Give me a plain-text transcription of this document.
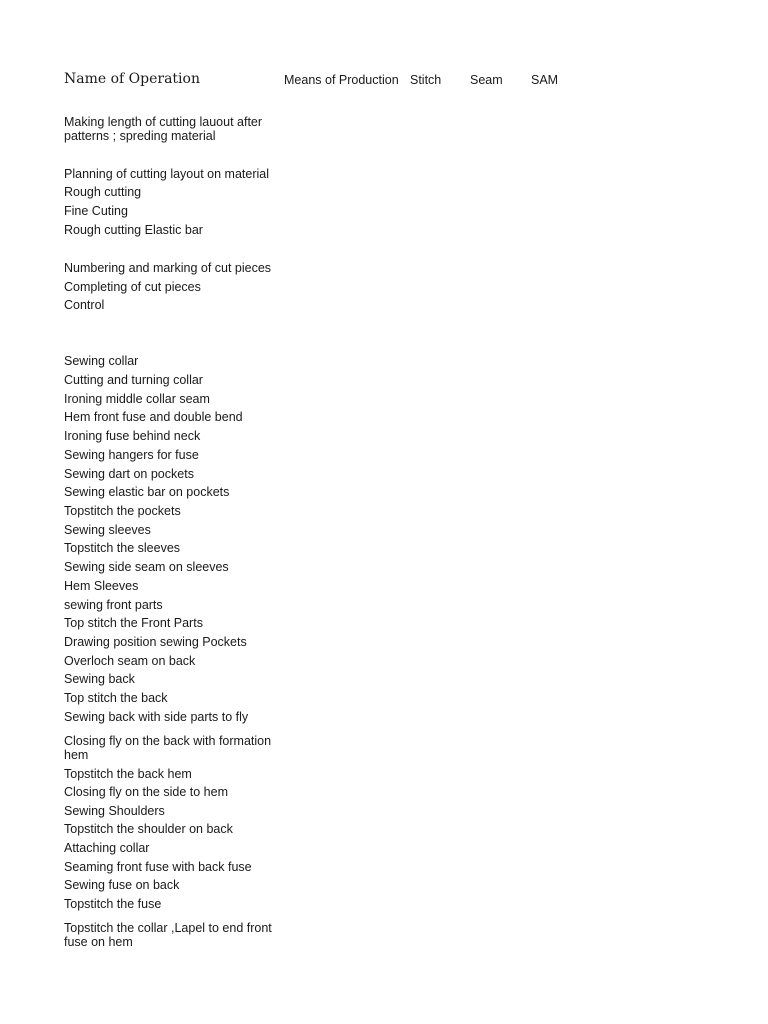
Name of Operation	Means of Production Stitch Seam SAM
Making length of cutting lauout after patterns ; spreding material
Planning of cutting layout on material
Rough cutting
Fine Cuting
Rough cutting Elastic bar
Numbering and marking of cut pieces
Completing of cut pieces
Control
Sewing collar
Cutting and turning collar
Ironing middle collar seam
Hem front fuse and double bend
Ironing fuse behind neck
Sewing hangers for fuse
Sewing dart on pockets
Sewing elastic bar on pockets
Topstitch the pockets
Sewing sleeves
Topstitch the sleeves
Sewing side seam on sleeves
Hem Sleeves
sewing front parts
Top stitch the Front Parts
Drawing position sewing Pockets
Overloch seam on back
Sewing back
Top stitch the back
Sewing back with side parts to fly
Closing fly on the back with formation hem
Topstitch the back hem
Closing fly on the side to hem
Sewing Shoulders
Topstitch the shoulder on back
Attaching collar
Seaming front fuse with back fuse
Sewing fuse on back
Topstitch the fuse
Topstitch the collar ,Lapel to end front fuse on hem
